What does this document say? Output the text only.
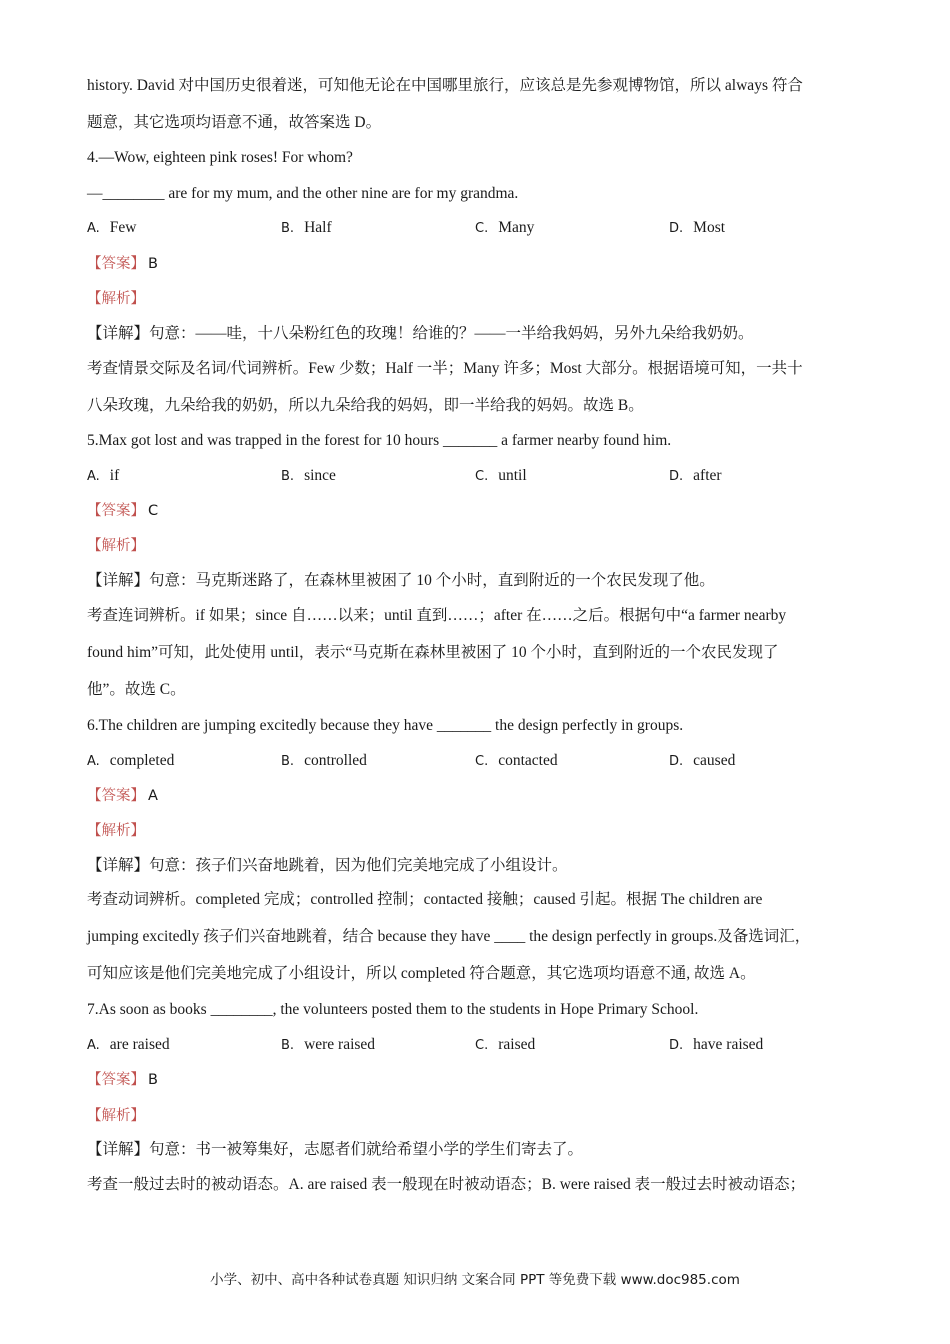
history. David 对中国历史很着迷，可知他无论在中国哪里旅行，应该总是先参观博物馆，所以 always 符合
题意，其它选项均语意不通，故答案选 D。
4.—Wow, eighteen pink roses! For whom?
—________ are for my mum, and the other nine are for my grandma.
A. Few	B. Half	C. Many	D. Most
【答案】 B
【解析】
【详解】句意：——哇，十八朵粉红色的玫瑰！给谁的？——一半给我妈妈，另外九朵给我奶奶。
考查情景交际及名词/代词辨析。Few 少数；Half 一半；Many 许多；Most 大部分。根据语境可知，一共十
八朵玫瑰，九朵给我的奶奶，所以九朵给我的妈妈，即一半给我的妈妈。故选 B。
5.Max got lost and was trapped in the forest for 10 hours _______ a farmer nearby found him.
A. if	B. since	C. until	D. after
【答案】 C
【解析】
【详解】句意：马克斯迷路了，在森林里被困了 10 个小时，直到附近的一个农民发现了他。
考查连词辨析。if 如果；since 自……以来；until 直到……；after 在……之后。根据句中“a farmer nearby
found him”可知，此处使用 until，表示“马克斯在森林里被困了 10 个小时，直到附近的一个农民发现了
他”。故选 C。
6.The children are jumping excitedly because they have _______ the design perfectly in groups.
A. completed	B. controlled	C. contacted	D. caused
【答案】 A
【解析】
【详解】句意：孩子们兴奋地跳着，因为他们完美地完成了小组设计。
考查动词辨析。completed 完成；controlled 控制；contacted 接触；caused 引起。根据 The children are
jumping excitedly 孩子们兴奋地跳着，结合 because they have ____ the design perfectly in groups.及备选词汇，
可知应该是他们完美地完成了小组设计，所以 completed 符合题意，其它选项均语意不通, 故选 A。
7.As soon as books ________, the volunteers posted them to the students in Hope Primary School.
A. are raised	B. were raised	C. raised	D. have raised
【答案】 B
【解析】
【详解】句意：书一被筹集好，志愿者们就给希望小学的学生们寄去了。
考查一般过去时的被动语态。A. are raised 表一般现在时被动语态；B. were raised 表一般过去时被动语态；
小学、初中、高中各种试卷真题 知识归纳 文案合同 PPT 等免费下载 www.doc985.com
